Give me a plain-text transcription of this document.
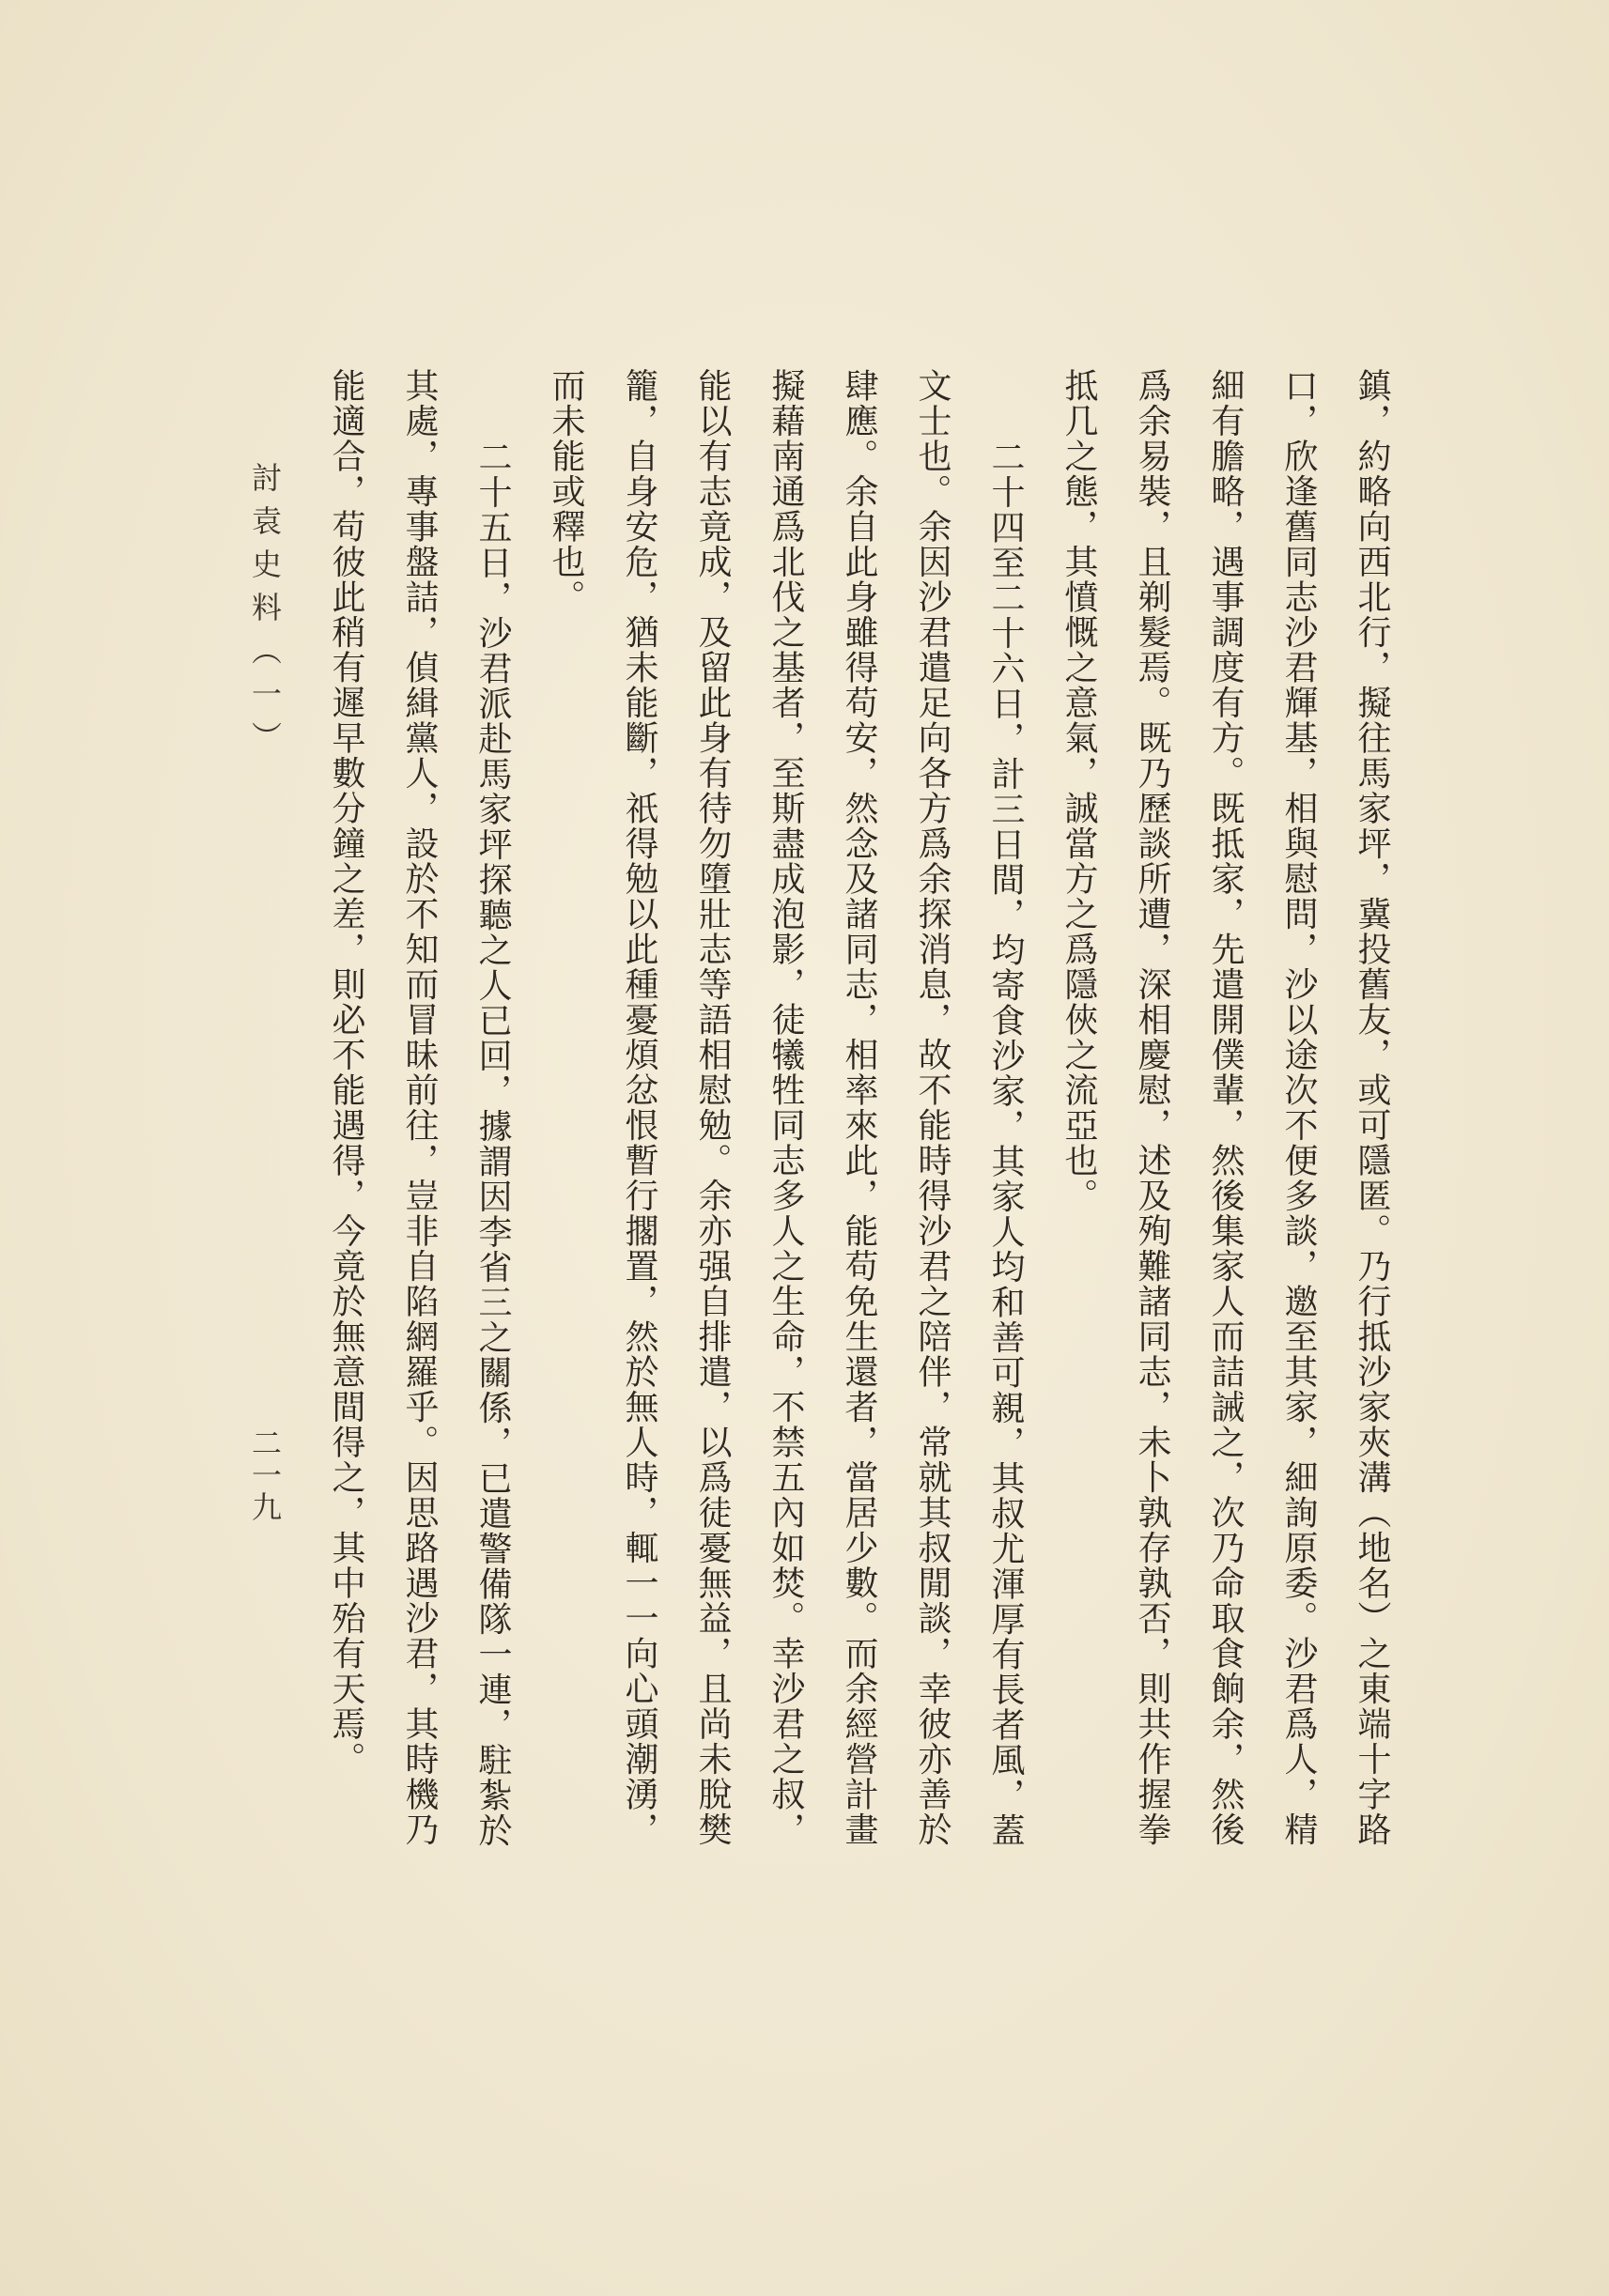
鎮，約略向西北行，擬往馬家坪，冀投舊友，或可隱匿。乃行抵沙家夾溝（地名）之東端十字路
口，欣逢舊同志沙君輝基，相與慰問，沙以途次不便多談，邀至其家，細詢原委。沙君爲人，精
細有膽略，遇事調度有方。既抵家，先遣開僕輩，然後集家人而詰誡之，次乃命取食餉余，然後
爲余易裝，且剃髮焉。既乃歷談所遭，深相慶慰，述及殉難諸同志，未卜孰存孰否，則共作握拳
抵几之態，其憤慨之意氣，誠當方之爲隱俠之流亞也。
二十四至二十六日，計三日間，均寄食沙家，其家人均和善可親，其叔尤渾厚有長者風，蓋
文士也。余因沙君遣足向各方爲余探消息，故不能時得沙君之陪伴，常就其叔閒談，幸彼亦善於
肆應。余自此身雖得苟安，然念及諸同志，相率來此，能苟免生還者，當居少數。而余經營計畫
擬藉南通爲北伐之基者，至斯盡成泡影，徒犧牲同志多人之生命，不禁五內如焚。幸沙君之叔，
能以有志竟成，及留此身有待勿墮壯志等語相慰勉。余亦强自排遣，以爲徒憂無益，且尚未脫樊
籠，自身安危，猶未能斷，祇得勉以此種憂煩忿恨暫行擱置，然於無人時，輒一一向心頭潮湧，
而未能或釋也。
二十五日，沙君派赴馬家坪探聽之人已回，據謂因李省三之關係，已遣警備隊一連，駐紮於
其處，專事盤詰，偵緝黨人，設於不知而冒昧前往，豈非自陷網羅乎。因思路遇沙君，其時機乃
能適合，苟彼此稍有遲早數分鐘之差，則必不能遇得，今竟於無意間得之，其中殆有天焉。
討袁史料（一）
二一九
